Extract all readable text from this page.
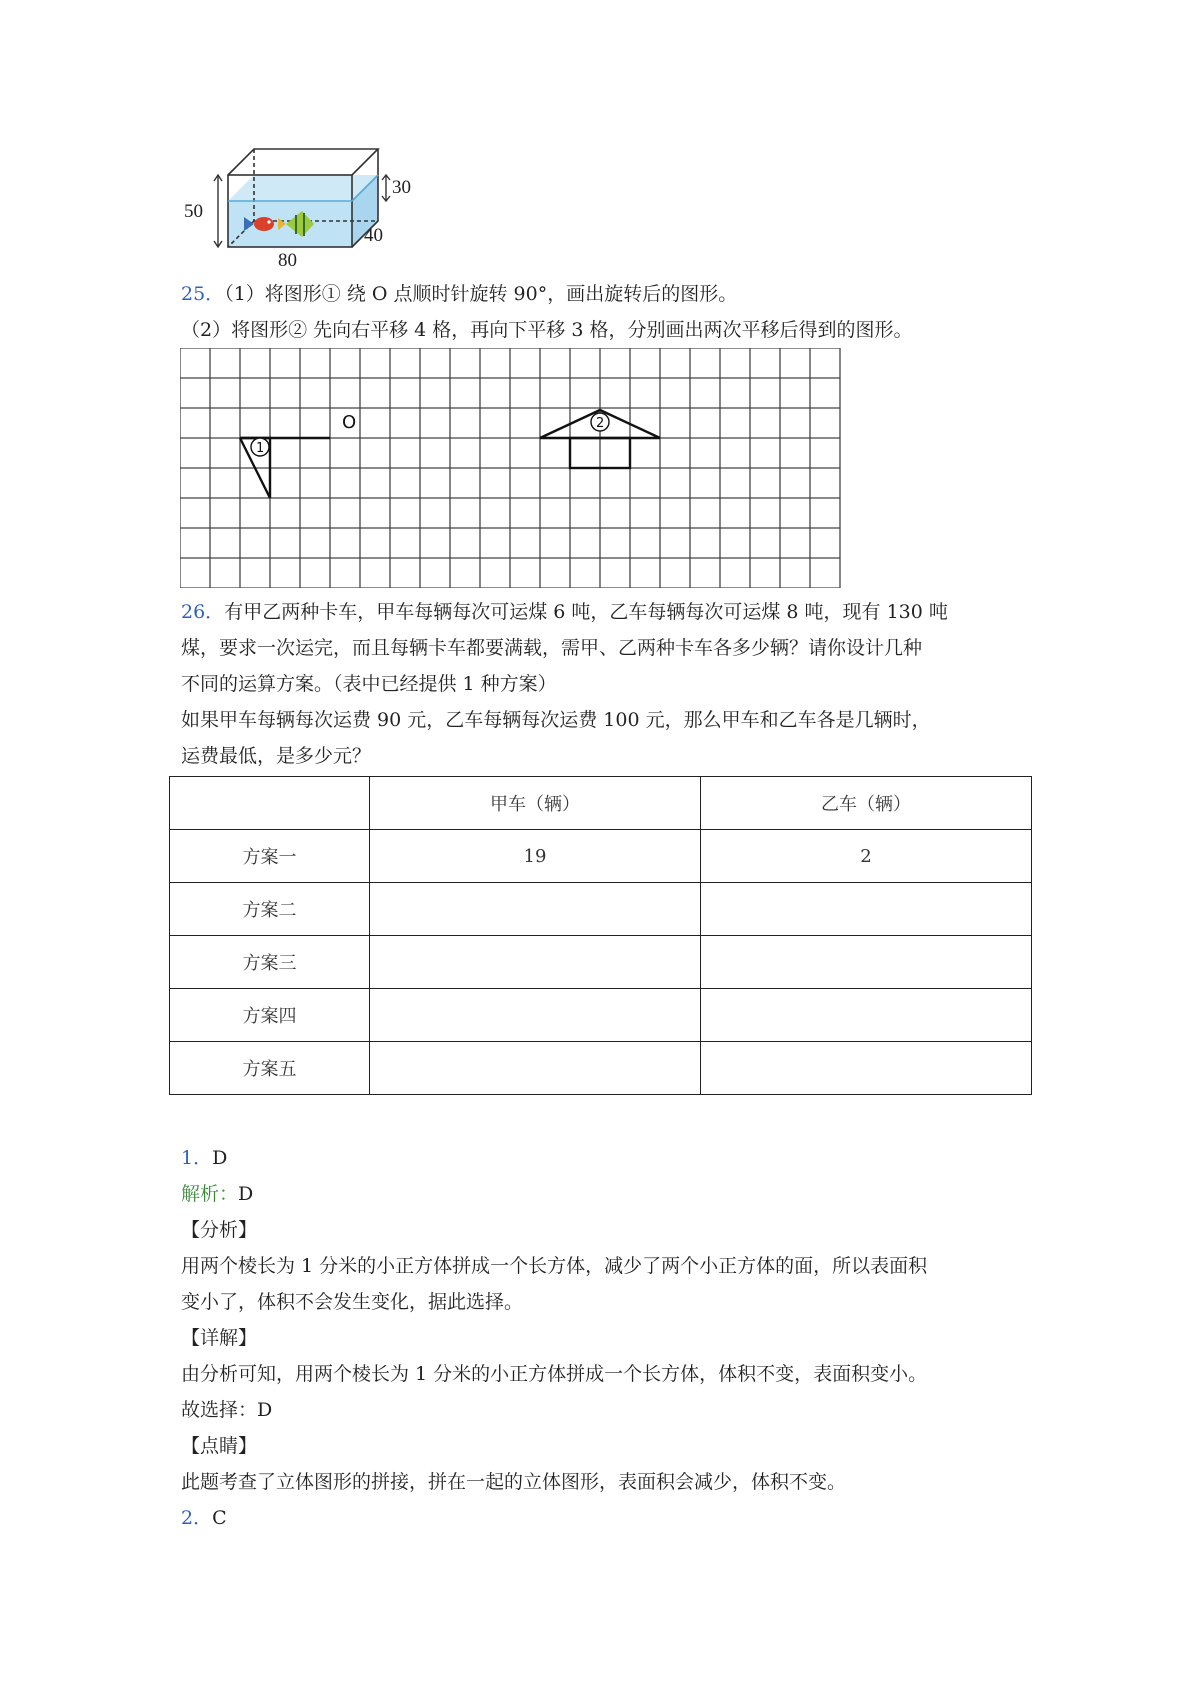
50
30
40
80
25．（1）将图形① 绕 O 点顺时针旋转 90°，画出旋转后的图形。
（2）将图形② 先向右平移 4 格，再向下平移 3 格，分别画出两次平移后得到的图形。
1
O	2
26．有甲乙两种卡车，甲车每辆每次可运煤 6 吨，乙车每辆每次可运煤 8 吨，现有 130 吨
煤，要求一次运完，而且每辆卡车都要满载，需甲、乙两种卡车各多少辆？请你设计几种
不同的运算方案。（表中已经提供 1 种方案）
如果甲车每辆每次运费 90 元，乙车每辆每次运费 100 元，那么甲车和乙车各是几辆时，
运费最低，是多少元？
	甲车（辆）	乙车（辆）
方案一	19	2
方案二		
方案三		
方案四		
方案五		
1．D
解析：D
【分析】
用两个棱长为 1 分米的小正方体拼成一个长方体，减少了两个小正方体的面，所以表面积
变小了，体积不会发生变化，据此选择。
【详解】
由分析可知，用两个棱长为 1 分米的小正方体拼成一个长方体，体积不变，表面积变小。
故选择：D
【点睛】
此题考查了立体图形的拼接，拼在一起的立体图形，表面积会减少，体积不变。
2．C
